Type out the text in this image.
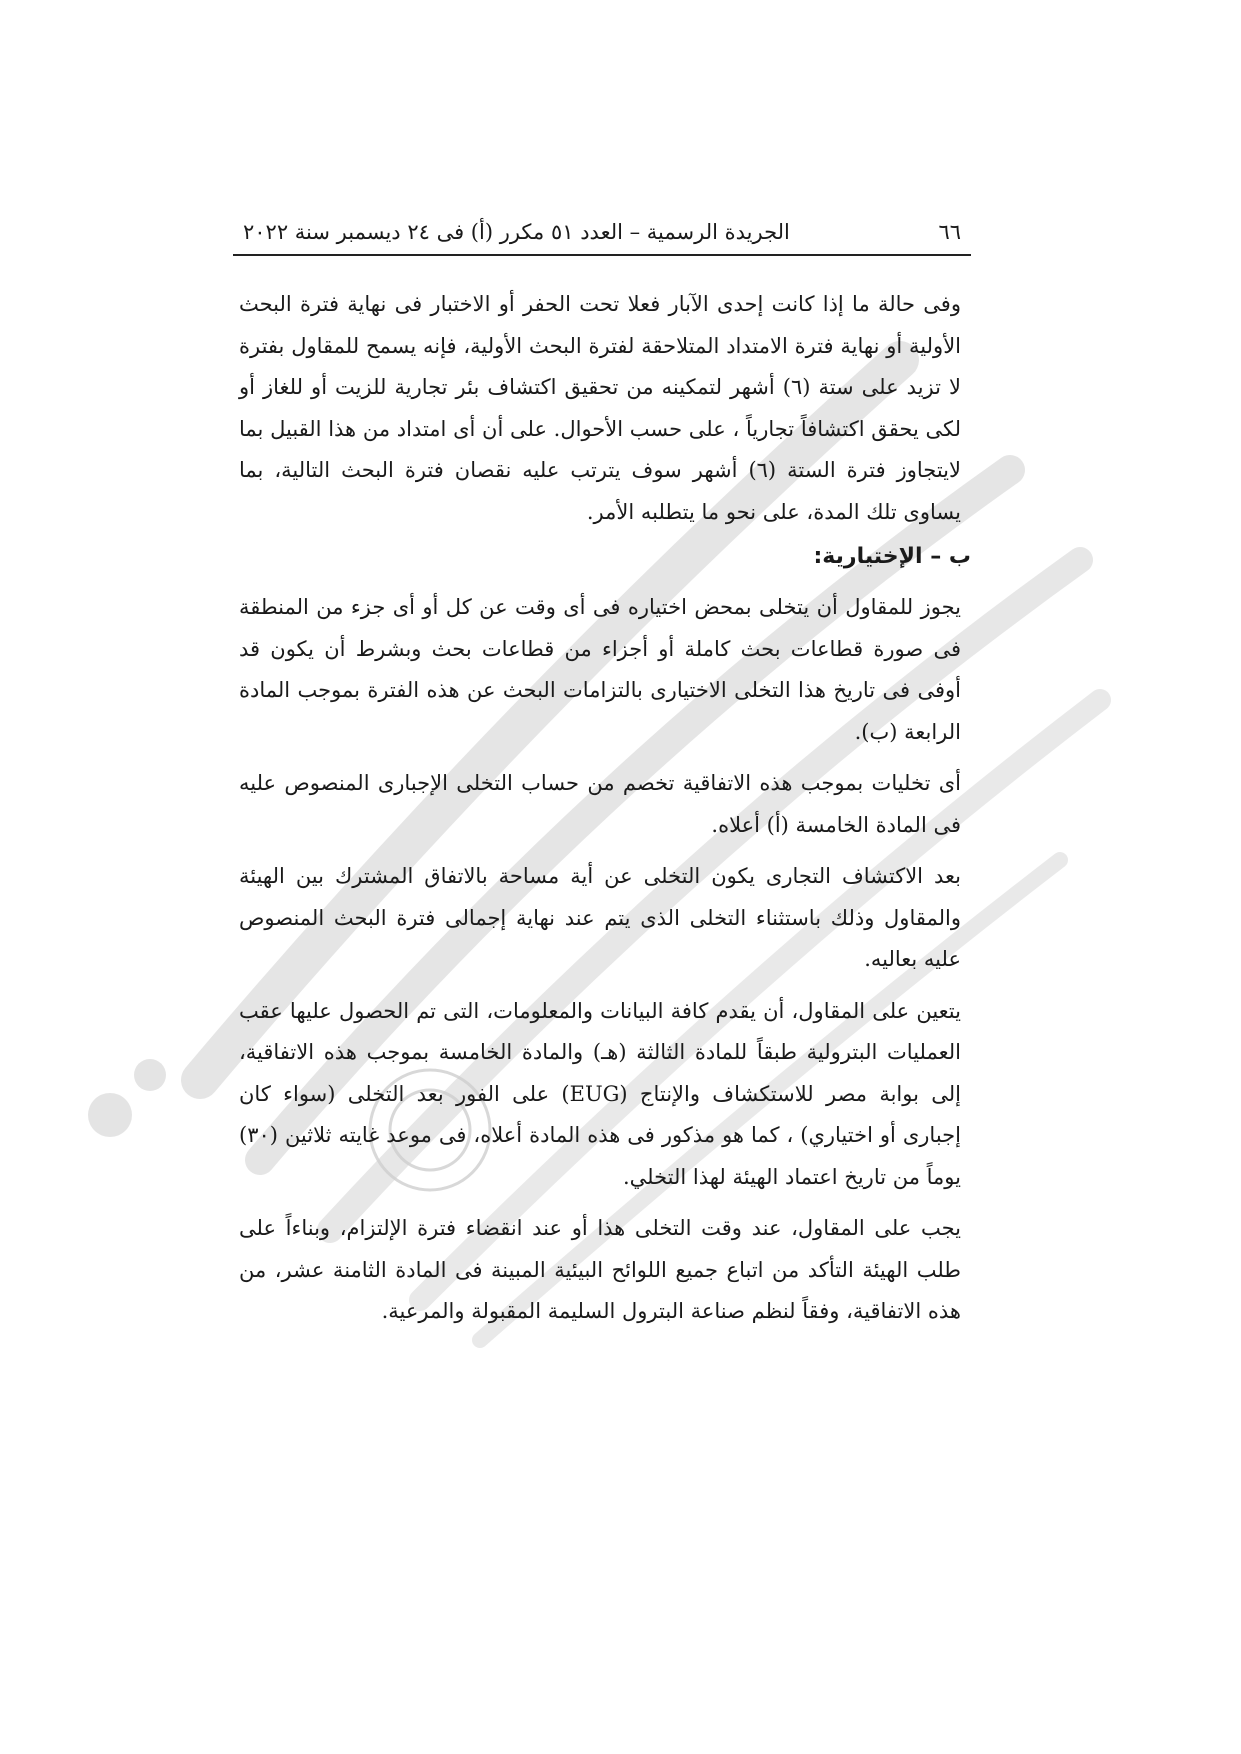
٦٦
الجريدة الرسمية – العدد ٥١ مكرر (أ) فى ٢٤ ديسمبر سنة ٢٠٢٢

وفى حالة ما إذا كانت إحدى الآبار فعلا تحت الحفر أو الاختبار فى نهاية فترة البحث الأولية أو نهاية فترة الامتداد المتلاحقة لفترة البحث الأولية، فإنه يسمح للمقاول بفترة لا تزيد على ستة (٦) أشهر لتمكينه من تحقيق اكتشاف بئر تجارية للزيت أو للغاز أو لكى يحقق اكتشافاً تجارياً ، على حسب الأحوال. على أن أى امتداد من هذا القبيل بما لايتجاوز فترة الستة (٦) أشهر سوف يترتب عليه نقصان فترة البحث التالية، بما يساوى تلك المدة، على نحو ما يتطلبه الأمر.

ب – الإختيارية:

يجوز للمقاول أن يتخلى بمحض اختياره فى أى وقت عن كل أو أى جزء من المنطقة فى صورة قطاعات بحث كاملة أو أجزاء من قطاعات بحث وبشرط أن يكون قد أوفى فى تاريخ هذا التخلى الاختيارى بالتزامات البحث عن هذه الفترة بموجب المادة الرابعة (ب).

أى تخليات بموجب هذه الاتفاقية تخصم من حساب التخلى الإجبارى المنصوص عليه فى المادة الخامسة (أ) أعلاه.

بعد الاكتشاف التجارى يكون التخلى عن أية مساحة بالاتفاق المشترك بين الهيئة والمقاول وذلك باستثناء التخلى الذى يتم عند نهاية إجمالى فترة البحث المنصوص عليه بعاليه.

يتعين على المقاول، أن يقدم كافة البيانات والمعلومات، التى تم الحصول عليها عقب العمليات البترولية طبقاً للمادة الثالثة (هـ) والمادة الخامسة بموجب هذه الاتفاقية، إلى بوابة مصر للاستكشاف والإنتاج (EUG) على الفور بعد التخلى (سواء كان إجبارى أو اختياري) ، كما هو مذكور فى هذه المادة أعلاه، فى موعد غايته ثلاثين (٣٠) يوماً من تاريخ اعتماد الهيئة لهذا التخلي.

يجب على المقاول، عند وقت التخلى هذا أو عند انقضاء فترة الإلتزام، وبناءاً على طلب الهيئة التأكد من اتباع جميع اللوائح البيئية المبينة فى المادة الثامنة عشر، من هذه الاتفاقية، وفقاً لنظم صناعة البترول السليمة المقبولة والمرعية.
